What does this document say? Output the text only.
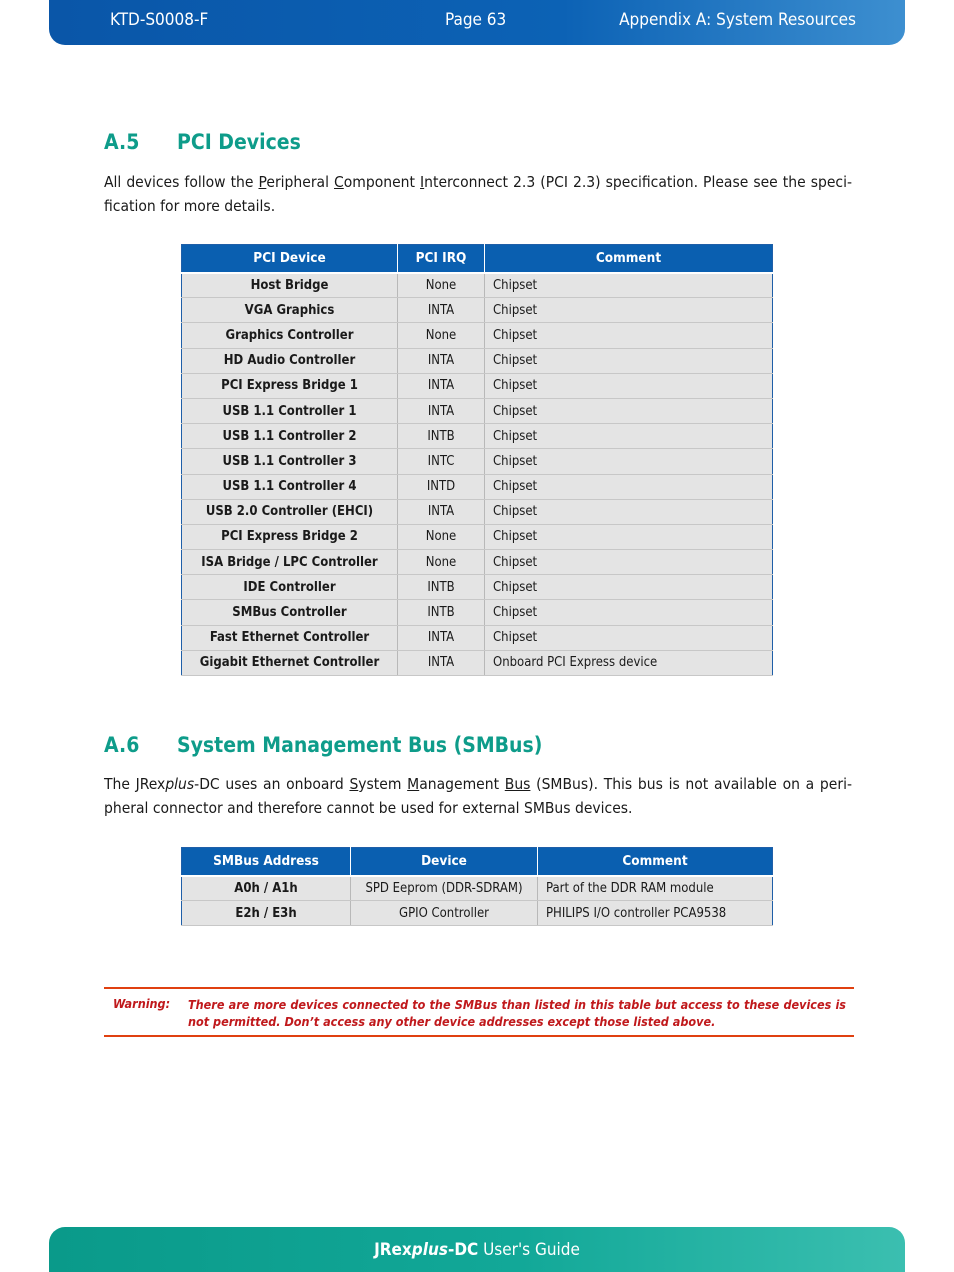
KTD-S0008-F	Page 63	Appendix A: System Resources
A.5 PCI Devices

All devices follow the Peripheral Component Interconnect 2.3 (PCI 2.3) specification. Please see the speci-fication for more details.

PCI Device	PCI IRQ	Comment
Host Bridge	None	Chipset
VGA Graphics	INTA	Chipset
Graphics Controller	None	Chipset
HD Audio Controller	INTA	Chipset
PCI Express Bridge 1	INTA	Chipset
USB 1.1 Controller 1	INTA	Chipset
USB 1.1 Controller 2	INTB	Chipset
USB 1.1 Controller 3	INTC	Chipset
USB 1.1 Controller 4	INTD	Chipset
USB 2.0 Controller (EHCI)	INTA	Chipset
PCI Express Bridge 2	None	Chipset
ISA Bridge / LPC Controller	None	Chipset
IDE Controller	INTB	Chipset
SMBus Controller	INTB	Chipset
Fast Ethernet Controller	INTA	Chipset
Gigabit Ethernet Controller	INTA	Onboard PCI Express device
A.6 System Management Bus (SMBus)

The JRexplus-DC uses an onboard System Management Bus (SMBus). This bus is not available on a peri-pheral connector and therefore cannot be used for external SMBus devices.

SMBus Address	Device	Comment
A0h / A1h	SPD Eeprom (DDR-SDRAM)	Part of the DDR RAM module
E2h / E3h	GPIO Controller	PHILIPS I/O controller PCA9538
Warning: There are more devices connected to the SMBus than listed in this table but access to these devices is not permitted. Don’t access any other device addresses except those listed above.
JRexplus-DC User's Guide
